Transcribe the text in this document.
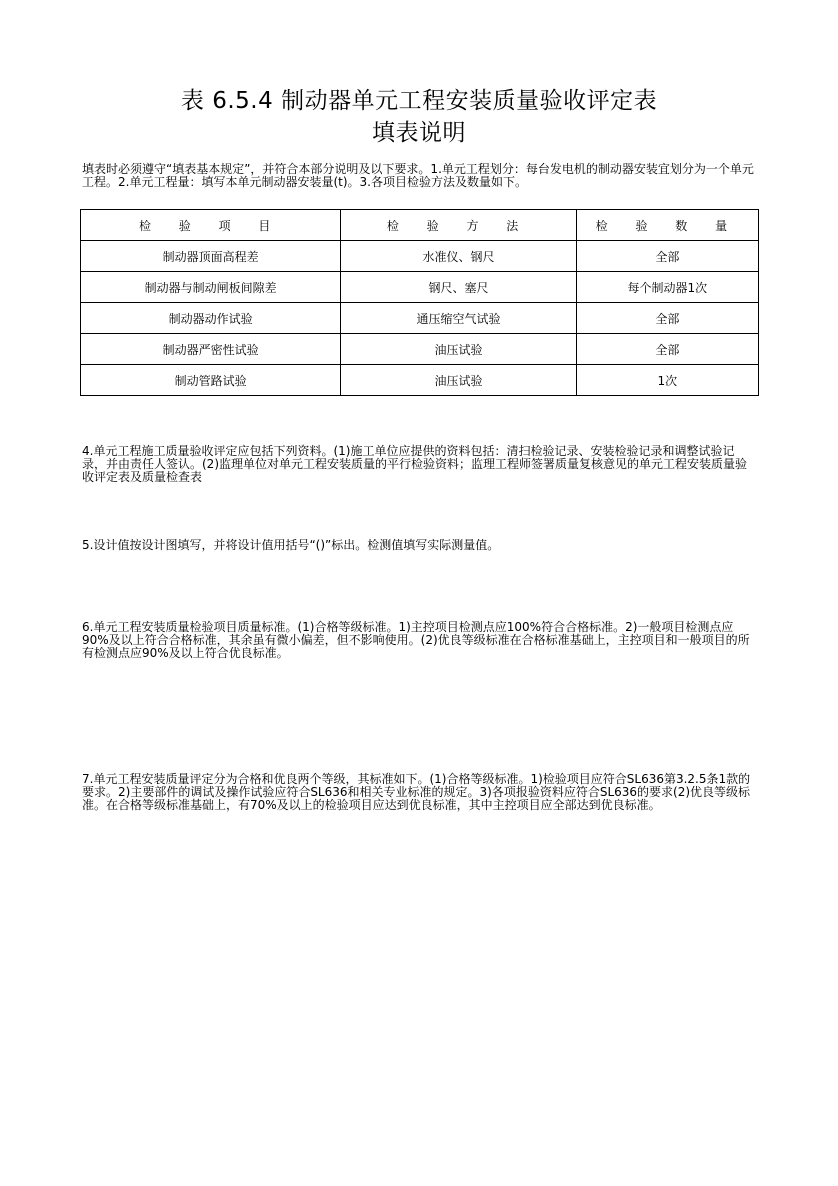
表 6.5.4 制动器单元工程安装质量验收评定表
填表说明
填表时必须遵守“填表基本规定”，并符合本部分说明及以下要求。1.单元工程划分：每台发电机的制动器安装宜划分为一个单元工程。2.单元工程量：填写本单元制动器安装量(t)。3.各项目检验方法及数量如下。
检 验 项 目	检 验 方 法	检 验 数 量
制动器顶面高程差	水准仪、钢尺	全部
制动器与制动闸板间隙差	钢尺、塞尺	每个制动器1次
制动器动作试验	通压缩空气试验	全部
制动器严密性试验	油压试验	全部
制动管路试验	油压试验	1次
4.单元工程施工质量验收评定应包括下列资料。(1)施工单位应提供的资料包括：清扫检验记录、安装检验记录和调整试验记录，并由责任人签认。(2)监理单位对单元工程安装质量的平行检验资料；监理工程师签署质量复核意见的单元工程安装质量验收评定表及质量检查表
5.设计值按设计图填写，并将设计值用括号“()”标出。检测值填写实际测量值。
6.单元工程安装质量检验项目质量标准。(1)合格等级标准。1)主控项目检测点应100%符合合格标准。2)一般项目检测点应90%及以上符合合格标准，其余虽有微小偏差，但不影响使用。(2)优良等级标准在合格标准基础上，主控项目和一般项目的所有检测点应90%及以上符合优良标准。
7.单元工程安装质量评定分为合格和优良两个等级，其标准如下。(1)合格等级标准。1)检验项目应符合SL636第3.2.5条1款的要求。2)主要部件的调试及操作试验应符合SL636和相关专业标准的规定。3)各项报验资料应符合SL636的要求(2)优良等级标准。在合格等级标准基础上，有70%及以上的检验项目应达到优良标准，其中主控项目应全部达到优良标准。
